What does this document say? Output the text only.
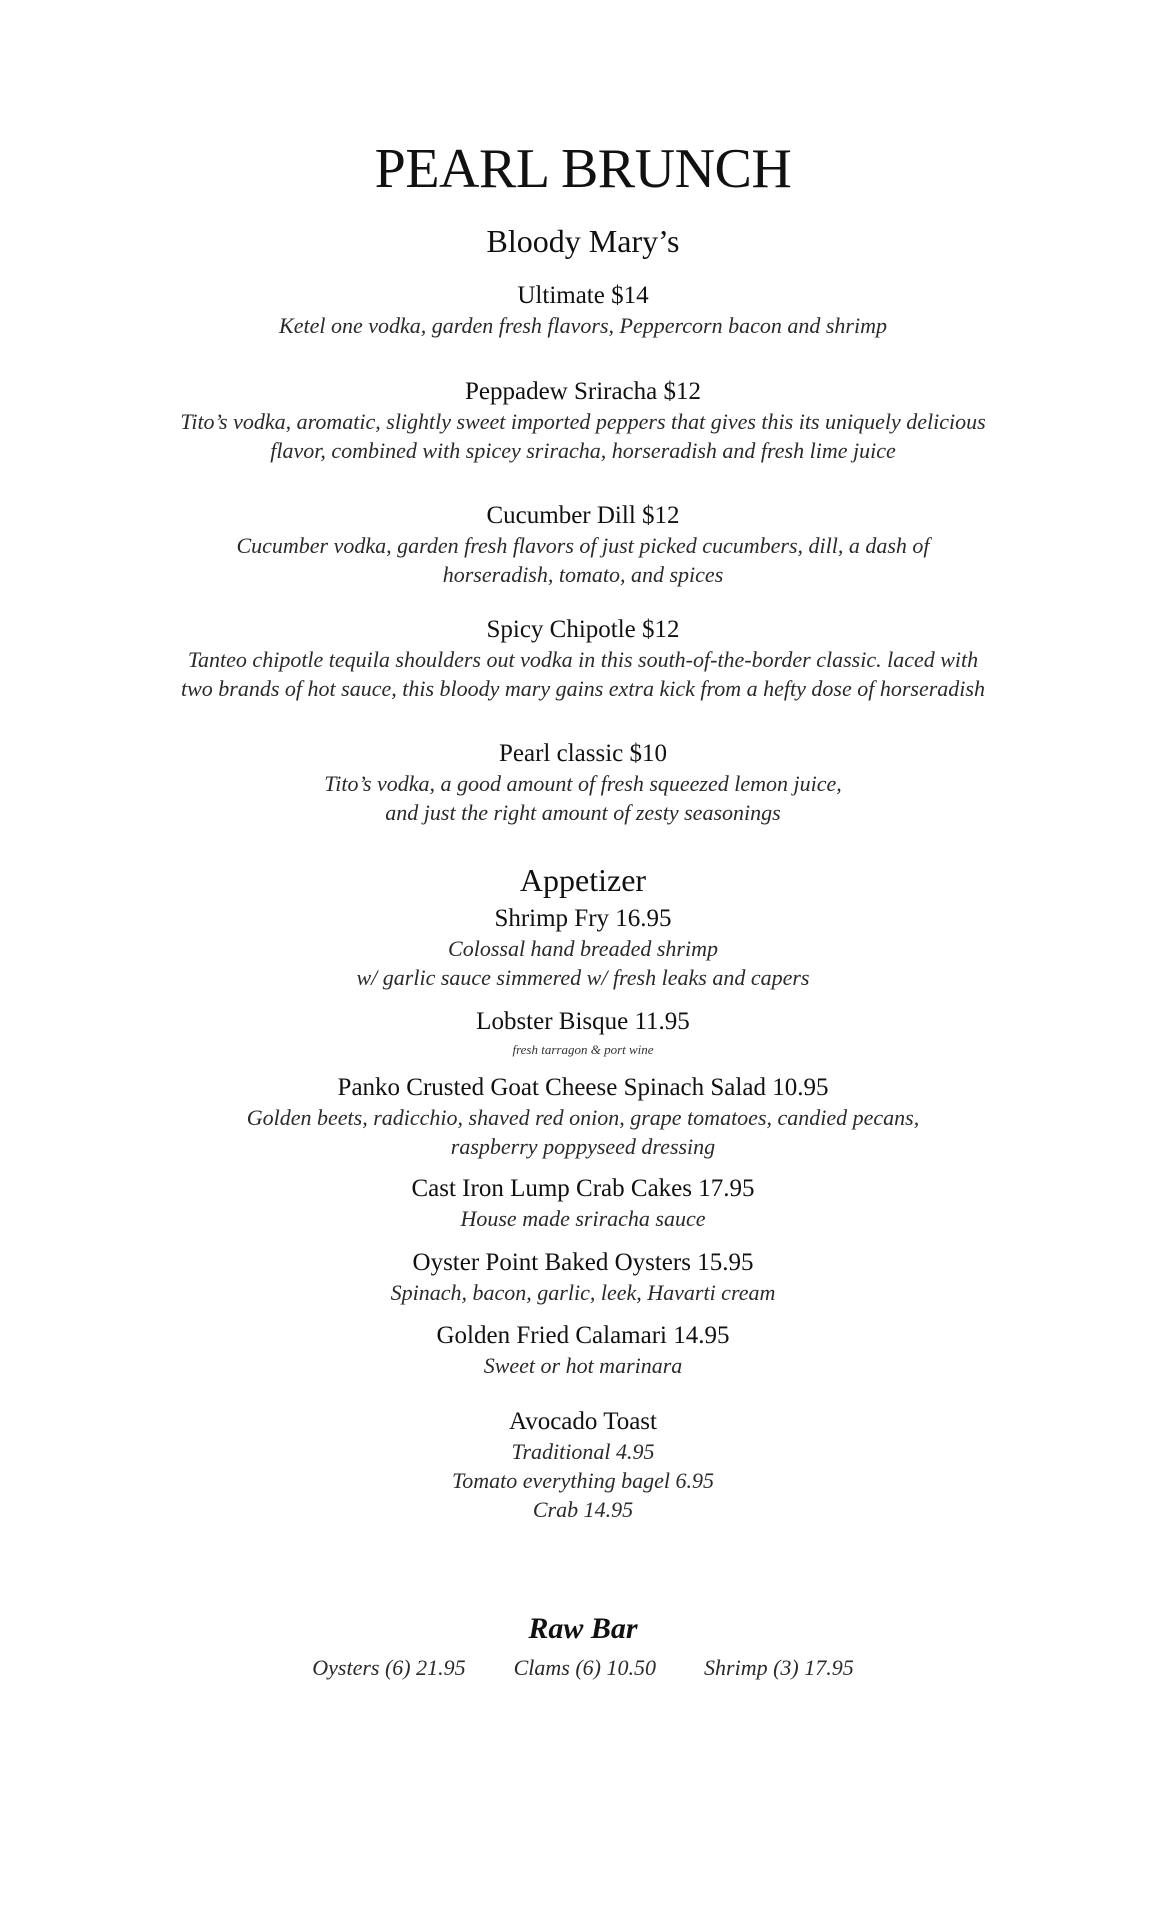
PEARL BRUNCH
Bloody Mary’s
Ultimate $14
Ketel one vodka, garden fresh flavors, Peppercorn bacon and shrimp
Peppadew Sriracha $12
Tito’s vodka, aromatic, slightly sweet imported peppers that gives this its uniquely delicious
flavor, combined with spicey sriracha, horseradish and fresh lime juice
Cucumber Dill $12
Cucumber vodka, garden fresh flavors of just picked cucumbers, dill, a dash of
horseradish, tomato, and spices
Spicy Chipotle $12
Tanteo chipotle tequila shoulders out vodka in this south-of-the-border classic. laced with
two brands of hot sauce, this bloody mary gains extra kick from a hefty dose of horseradish
Pearl classic $10
Tito’s vodka, a good amount of fresh squeezed lemon juice,
and just the right amount of zesty seasonings
Appetizer
Shrimp Fry 16.95
Colossal hand breaded shrimp
w/ garlic sauce simmered w/ fresh leaks and capers
Lobster Bisque 11.95
fresh tarragon & port wine
Panko Crusted Goat Cheese Spinach Salad 10.95
Golden beets, radicchio, shaved red onion, grape tomatoes, candied pecans,
raspberry poppyseed dressing
Cast Iron Lump Crab Cakes 17.95
House made sriracha sauce
Oyster Point Baked Oysters 15.95
Spinach, bacon, garlic, leek, Havarti cream
Golden Fried Calamari 14.95
Sweet or hot marinara
Avocado Toast
Traditional 4.95
Tomato everything bagel 6.95
Crab 14.95
Raw Bar
Oysters (6) 21.95 Clams (6) 10.50 Shrimp (3) 17.95
